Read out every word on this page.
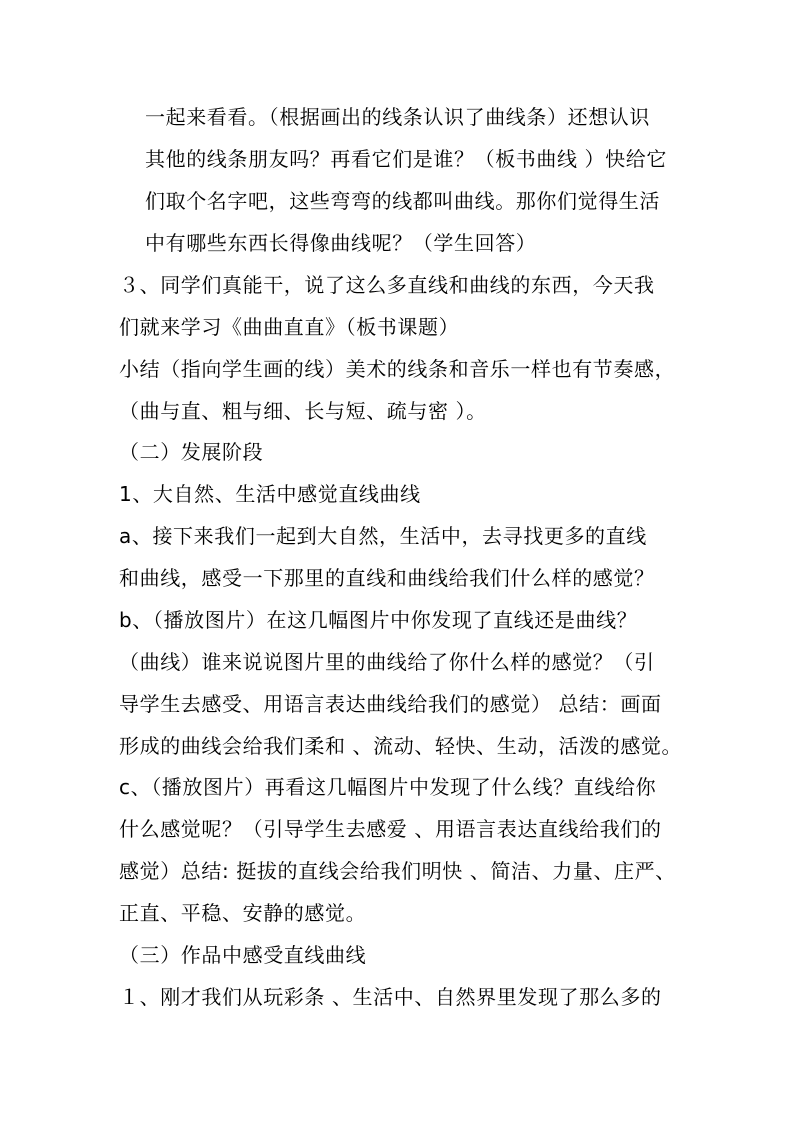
一起来看看。（根据画出的线条认识了曲线条）还想认识
其他的线条朋友吗？再看它们是谁？（板书曲线 ）快给它
们取个名字吧，这些弯弯的线都叫曲线。那你们觉得生活
中有哪些东西长得像曲线呢？（学生回答）
３、同学们真能干，说了这么多直线和曲线的东西，今天我
们就来学习《曲曲直直》（板书课题）
小结（指向学生画的线）美术的线条和音乐一样也有节奏感，
（曲与直、粗与细、长与短、疏与密 ）。
（二）发展阶段
1、大自然、生活中感觉直线曲线
a、接下来我们一起到大自然，生活中，去寻找更多的直线
和曲线，感受一下那里的直线和曲线给我们什么样的感觉？
b、（播放图片）在这几幅图片中你发现了直线还是曲线？
（曲线）谁来说说图片里的曲线给了你什么样的感觉？（引
导学生去感受、用语言表达曲线给我们的感觉） 总结：画面
形成的曲线会给我们柔和 、流动、轻快、生动，活泼的感觉。
c、（播放图片）再看这几幅图片中发现了什么线？直线给你
什么感觉呢？（引导学生去感爱 、用语言表达直线给我们的
感觉）总结: 挺拔的直线会给我们明快 、简洁、力量、庄严、
正直、平稳、安静的感觉。
（三）作品中感受直线曲线
１、刚才我们从玩彩条 、生活中、自然界里发现了那么多的
